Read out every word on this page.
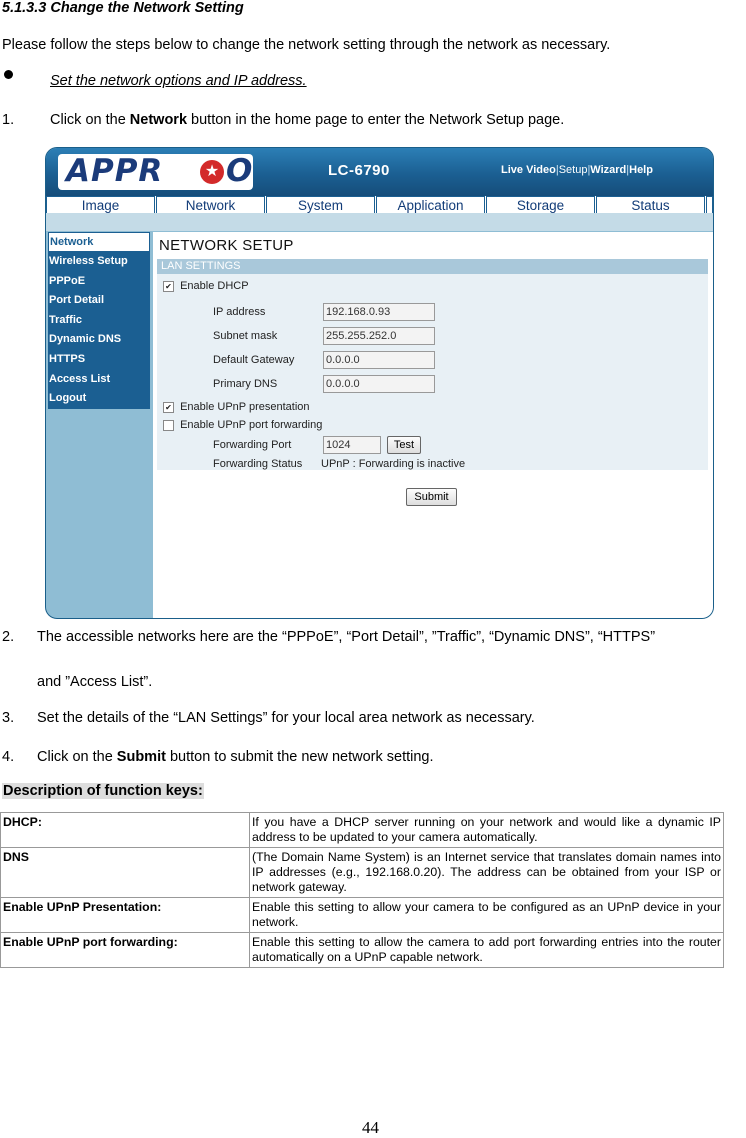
5.1.3.3 Change the Network Setting
Please follow the steps below to change the network setting through the network as necessary.
Set the network options and IP address.
1. Click on the Network button in the home page to enter the Network Setup page.
APPR	★ O	LC-6790	Live Video|Setup|Wizard|Help
Image	Network	System	Application	Storage	Status
Network
Wireless Setup
PPPoE
Port Detail
Traffic
Dynamic DNS
HTTPS
Access List
Logout
NETWORK SETUP
LAN SETTINGS
✔ Enable DHCP
IP address	192.168.0.93
Subnet mask	255.255.252.0
Default Gateway	0.0.0.0
Primary DNS	0.0.0.0
✔ Enable UPnP presentation
Enable UPnP port forwarding
Forwarding Port	1024	Test
Forwarding Status UPnP : Forwarding is inactive
Submit
2. The accessible networks here are the “PPPoE”, “Port Detail”, ”Traffic”, “Dynamic DNS”, “HTTPS”
and ”Access List”.
3. Set the details of the “LAN Settings” for your local area network as necessary.
4. Click on the Submit button to submit the new network setting.
Description of function keys:
DHCP:	If you have a DHCP server running on your network and would like a dynamic IP address to be updated to your camera automatically.
DNS	(The Domain Name System) is an Internet service that translates domain names into IP addresses (e.g., 192.168.0.20). The address can be obtained from your ISP or network gateway.
Enable UPnP Presentation:	Enable this setting to allow your camera to be configured as an UPnP device in your network.
Enable UPnP port forwarding:	Enable this setting to allow the camera to add port forwarding entries into the router automatically on a UPnP capable network.
44
